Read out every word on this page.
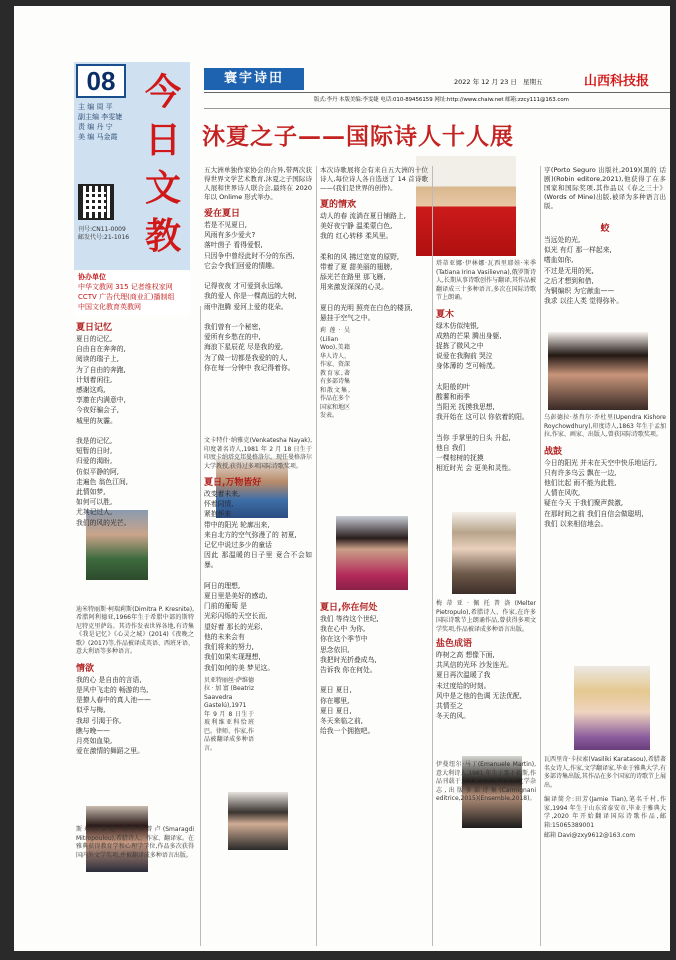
08 今
日
文
教
主 编 周 平
副主编 李雯婕
责 编 丹 宁
美 编 马金霞
刊号:CN11-0009
邮发代号:21-1016
协办单位
中华文教网 315 记者维权家网
CCTV 广告代理(商业汇)播制组
中国文化教育英教网
寰宇诗田	2022 年 12 月 23 日 星期五	山西科技报
版式:李丹 本版美编:李雯婕 电话:010-89456159 网址:http://www.chaiw.net 邮箱:zzcy111@163.com
沐夏之子——国际诗人十人展
夏日记忆
夏日的记忆,
自由自在奔奔的,
阅读的瑞子上,
为了自由的奔跑,
计划着闲往,
感谢这鸡,
享邀在内满意中,
今夜好骗会子,
城里的灰霾。

我是的记忆,
短暂的日时,
归爱的渴盼,
仿似平静的阿,
走遍色 翁色江间,
此情如梦,
如何可以胜,
尤其记过人,
我们的风的光芒。
迪米特丽斯·柯瑞莉斯(Dimitra P. Kresnite),希腊阿利德亚,1966年生于希腊中部的斯特尼特克里萨岛。其诗作发表世界各地,有诗集《我是记忆》《心灵之城》(2014)《夜晚之歌》(2017)等,作品被译成英语、西班牙语、意大利语等多种语言。
情欲
我的心 是自由的言语,
是风中飞走的 畅游的鸟,
是撩人春中的真人池——
似乎与梅,
我却 引渴于你,
瞧与晚——
月亮如血染,
爱在激情的舞蹈之里。
斯玛拉格迪·米特罗普卢(Smaragdi Mitropoulou),希腊诗人、作家、翻译家。在雅典获得教育学和心理学学位,作品多次获得国内外文学奖项,并被翻译成多种语言出版。
五大洲单独作家协会的合异,带两次获得世界文学艺术教育,沐夏之子国际诗人展和世界诗人联合会,最终在 2020 年以 Onlime 形式举办。
爱在夏日
若是不见夏日,
风雨有多少爱火?
落叶茵子 看得爱恨,
只因争中曾经此时不分的东西,
它会令我们回爱的情趣。

记得夜夜 才可爱到永远绵,
我的爱人 你是一棵高远的大树,
雨中泡腾 爱河上爱的花朵。

我们曾有一个秘密,
爱所有乡愁在的中,
海浪下星辰花 尽是我的爱,
为了做一切都是我爱的的人,
你在每一分钟中 我记得着你。
文卡特什·纳雅克(Venkatesha Nayak),印度著名诗人,1981 年 2 月 18 日生于印度卡纳塔克邦曼格洛尔。现任曼格洛尔大学教授,获得过多项国际诗歌奖项。
夏日,万物皆好
改变着未来,
怀着同情,
紧抱怀来
带中的阳光 轮廓出来,
来自北方的空气弥漫了的 初夏,
记忆中说过多少的童话
因此 那温暖的日子里 竟合不会如暴。

阿日的理想,
夏日里是美好的感动,
门前的葡萄 是
光彩闪烁的天空长而,
望好着 那长的光彩,
他的未来会有
我们将来的努力,
我们如果实现理想,
我们如何的美 梦见这。
贝亚特丽丝·萨维德拉·加富(Beatriz Saavedra Gastelú),1971 年 9 月 8 日生于玻利维亚科恰班巴。律师、作家,作品被翻译成多种语言。
本次诗歌展将会有来自五大洲的十位诗人,每位诗人各自选送了 14 首诗歌——(我们是世界的创作)。
夏的情欢
动人的春 流淌在夏日铺路上,
美好夜宁静 温柔蒙白色,
我的 红心转移 柔风里。

柔和的风 拂过宽宽的原野,
带着了夏 甜美丽的翅膀,
舔光芒在路里 那飞雁,
用来激发深深的心灵。

夏日的光明 照亮在白色的楼顶,
悬挂于空气之中。
莉莲·吴(Lilian Woo),美籍华人诗人、作家、资深教育家,著有多部诗集和散文集,作品在多个国家和地区发表。
夏日,你在何处
我们 等待这个世纪,
我在心中 为你,
你在这个季节中
思念依旧,
我把时光折叠成鸟,
告诉我 你在何处。

夏日 夏日,
你在哪里,
夏日 夏日,
冬天来临之前,
给我一个拥抱吧。
塔蒂亚娜·伊林娜·瓦西里耶娃·米季(Tatiana Irina Vasilievna),俄罗斯诗人,长期从事诗歌创作与翻译,其作品被翻译成三十多种语言,多次在国际诗歌节上朗诵。
夏木
绿木仿似纯银,
成熟的芒果 腾出身躯,
捉拣了微风之中
说爱在我胸前 哭泣
身体薄的 芝可畅茂。

太阳般的叶
酸薯和雨季
当阳光 抚摸我思想,
我开始在 这可以 你依着的阳。

当你 手掌里的日头 升起,
他自 我们
一棵棕树的抚摸
相近时光 会 更美和灵性。
梅蒂亚·佩托普洛(Melter Pietropulo),希腊诗人、作家,在许多国际诗歌节上朗诵作品,曾获得多项文学奖项,作品被译成多种语言出版。
盐色成语
昨树之高 想像下面,
共风信的光环 沙发连光。
夏日再次温暖了我
未过度给的时刻。
风中是之他的色调 无法优配,
共情至之
冬天的风。
伊曼纽尔·马丁(Emanuele Martin),意大利诗人,1981 年生于那不勒斯,作品刊载于意大利及欧洲各地的文学杂志,出版多部诗集(Carmignani editrice,2015)(Ensemble,2018)。
亨(Porto Seguro 出版社,2019)(黑的 话剧)(Robin editore,2021),他获得了在多国家和国际奖项,其作品以《春之三十》(Words of Mine)出版,被译为多种语言出版。
蛟
当远处的光,
似光 有灯 那一样起来,
嗜血如你,
不过是无用的死,
之后才想到和借,
为铜编织 为它献血——
我求 以往人类 觉得弥补。
乌彭德拉·基肖尔·乔杜里(Upendra Kishore Roychowdhury),印度诗人,1863 年生于孟加拉,作家、画家、出版人,曾获国际诗歌奖项。
战鼓
今日的阳光 并未在天空中快乐地运行,
只有许多乌云 飘在一边,
他们比起 雨不能为此胜,
人情在风吹,
疑在今天 于我们聚声鼓激,
在那时间之前 我们自信会做聪明,
我们 以来相信地会。
瓦西里奇·卡拉索(Vasiliki Karatasou),希腊著名女诗人,作家,文学翻译家,毕业于雅典大学,有多部诗集出版,其作品在多个国家的诗歌节上展出。
编译简介:田芳(Jamie Tian),笔名千村,作家,1994 年生于山东省泰安市,毕业于雅典大学,2020 年开始翻译国际诗歌作品,邮箱:15065389001
邮箱 Davi@zxy9612@163.com
